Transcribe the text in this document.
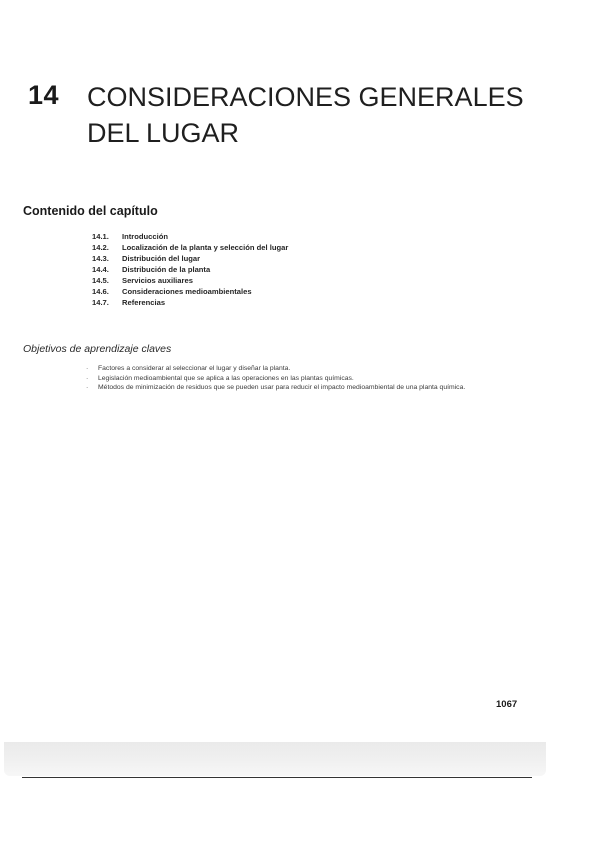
14 CONSIDERACIONES GENERALES DEL LUGAR
Contenido del capítulo
14.1. Introducción
14.2. Localización de la planta y selección del lugar
14.3. Distribución del lugar
14.4. Distribución de la planta
14.5. Servicios auxiliares
14.6. Consideraciones medioambientales
14.7. Referencias
Objetivos de aprendizaje claves
· Factores a considerar al seleccionar el lugar y diseñar la planta.
· Legislación medioambiental que se aplica a las operaciones en las plantas químicas.
· Métodos de minimización de residuos que se pueden usar para reducir el impacto medioambiental de una planta química.
1067
